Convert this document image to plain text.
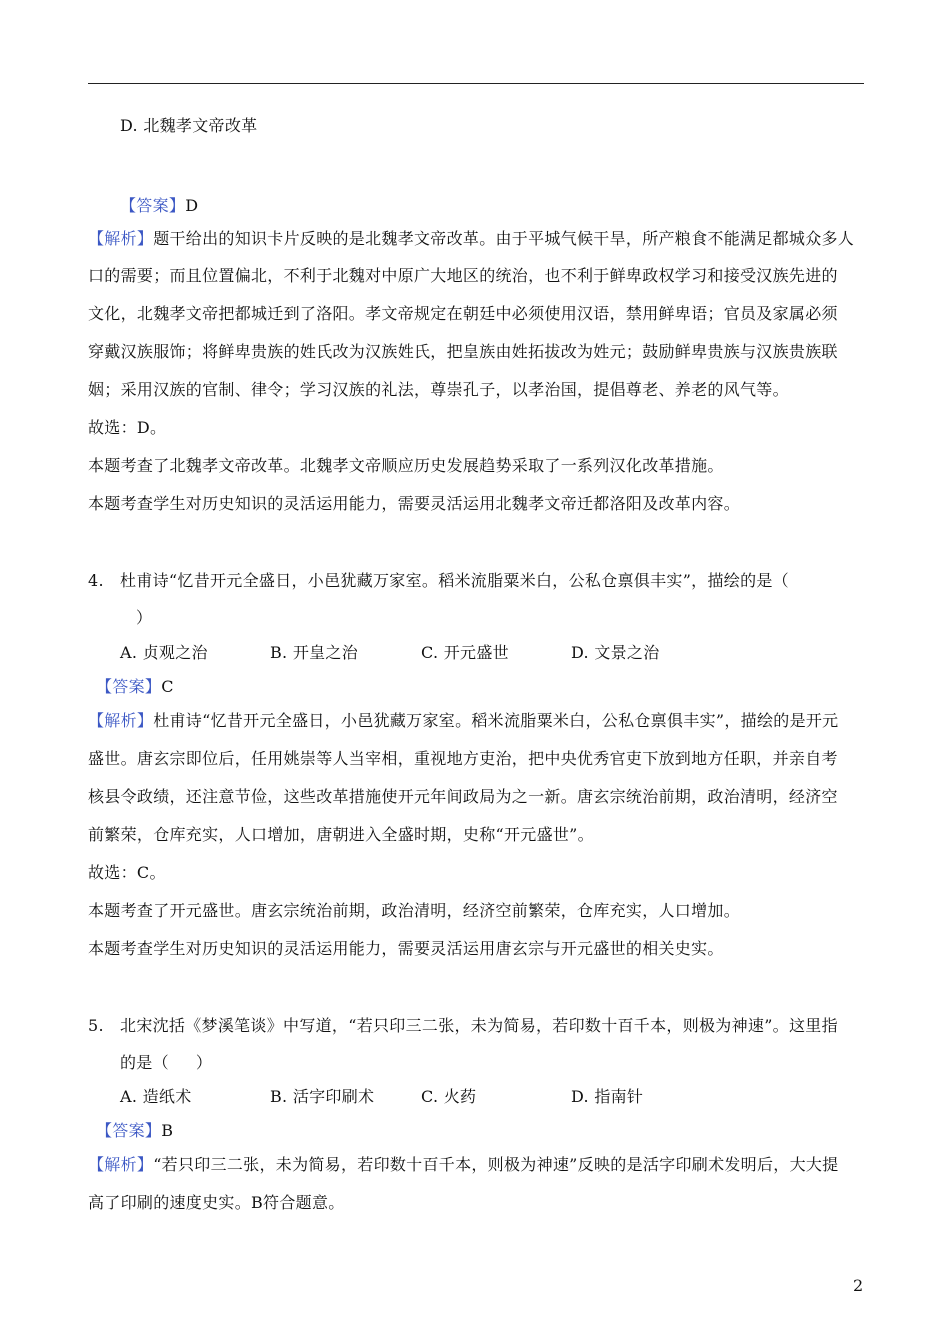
D. 北魏孝文帝改革
【答案】D
【解析】题干给出的知识卡片反映的是北魏孝文帝改革。由于平城气候干旱，所产粮食不能满足都城众多人
口的需要；而且位置偏北，不利于北魏对中原广大地区的统治，也不利于鲜卑政权学习和接受汉族先进的
文化，北魏孝文帝把都城迁到了洛阳。孝文帝规定在朝廷中必须使用汉语，禁用鲜卑语；官员及家属必须
穿戴汉族服饰；将鲜卑贵族的姓氏改为汉族姓氏，把皇族由姓拓拔改为姓元；鼓励鲜卑贵族与汉族贵族联
姻；采用汉族的官制、律令；学习汉族的礼法，尊崇孔子，以孝治国，提倡尊老、养老的风气等。
故选：D。
本题考查了北魏孝文帝改革。北魏孝文帝顺应历史发展趋势采取了一系列汉化改革措施。
本题考查学生对历史知识的灵活运用能力，需要灵活运用北魏孝文帝迁都洛阳及改革内容。
4.   杜甫诗“忆昔开元全盛日，小邑犹藏万家室。稻米流脂粟米白，公私仓禀俱丰实”，描绘的是（
）
A. 贞观之治	B. 开皇之治	C. 开元盛世	D. 文景之治
【答案】C
【解析】杜甫诗“忆昔开元全盛日，小邑犹藏万家室。稻米流脂粟米白，公私仓禀俱丰实”，描绘的是开元
盛世。唐玄宗即位后，任用姚崇等人当宰相，重视地方吏治，把中央优秀官吏下放到地方任职，并亲自考
核县令政绩，还注意节俭，这些改革措施使开元年间政局为之一新。唐玄宗统治前期，政治清明，经济空
前繁荣，仓库充实，人口增加，唐朝进入全盛时期，史称“开元盛世”。
故选：C。
本题考查了开元盛世。唐玄宗统治前期，政治清明，经济空前繁荣，仓库充实，人口增加。
本题考查学生对历史知识的灵活运用能力，需要灵活运用唐玄宗与开元盛世的相关史实。
5.   北宋沈括《梦溪笔谈》中写道，“若只印三二张，未为简易，若印数十百千本，则极为神速”。这里指
的是（     ）
A. 造纸术	B. 活字印刷术	C. 火药	D. 指南针
【答案】B
【解析】“若只印三二张，未为简易，若印数十百千本，则极为神速”反映的是活字印刷术发明后，大大提
高了印刷的速度史实。B符合题意。
2
